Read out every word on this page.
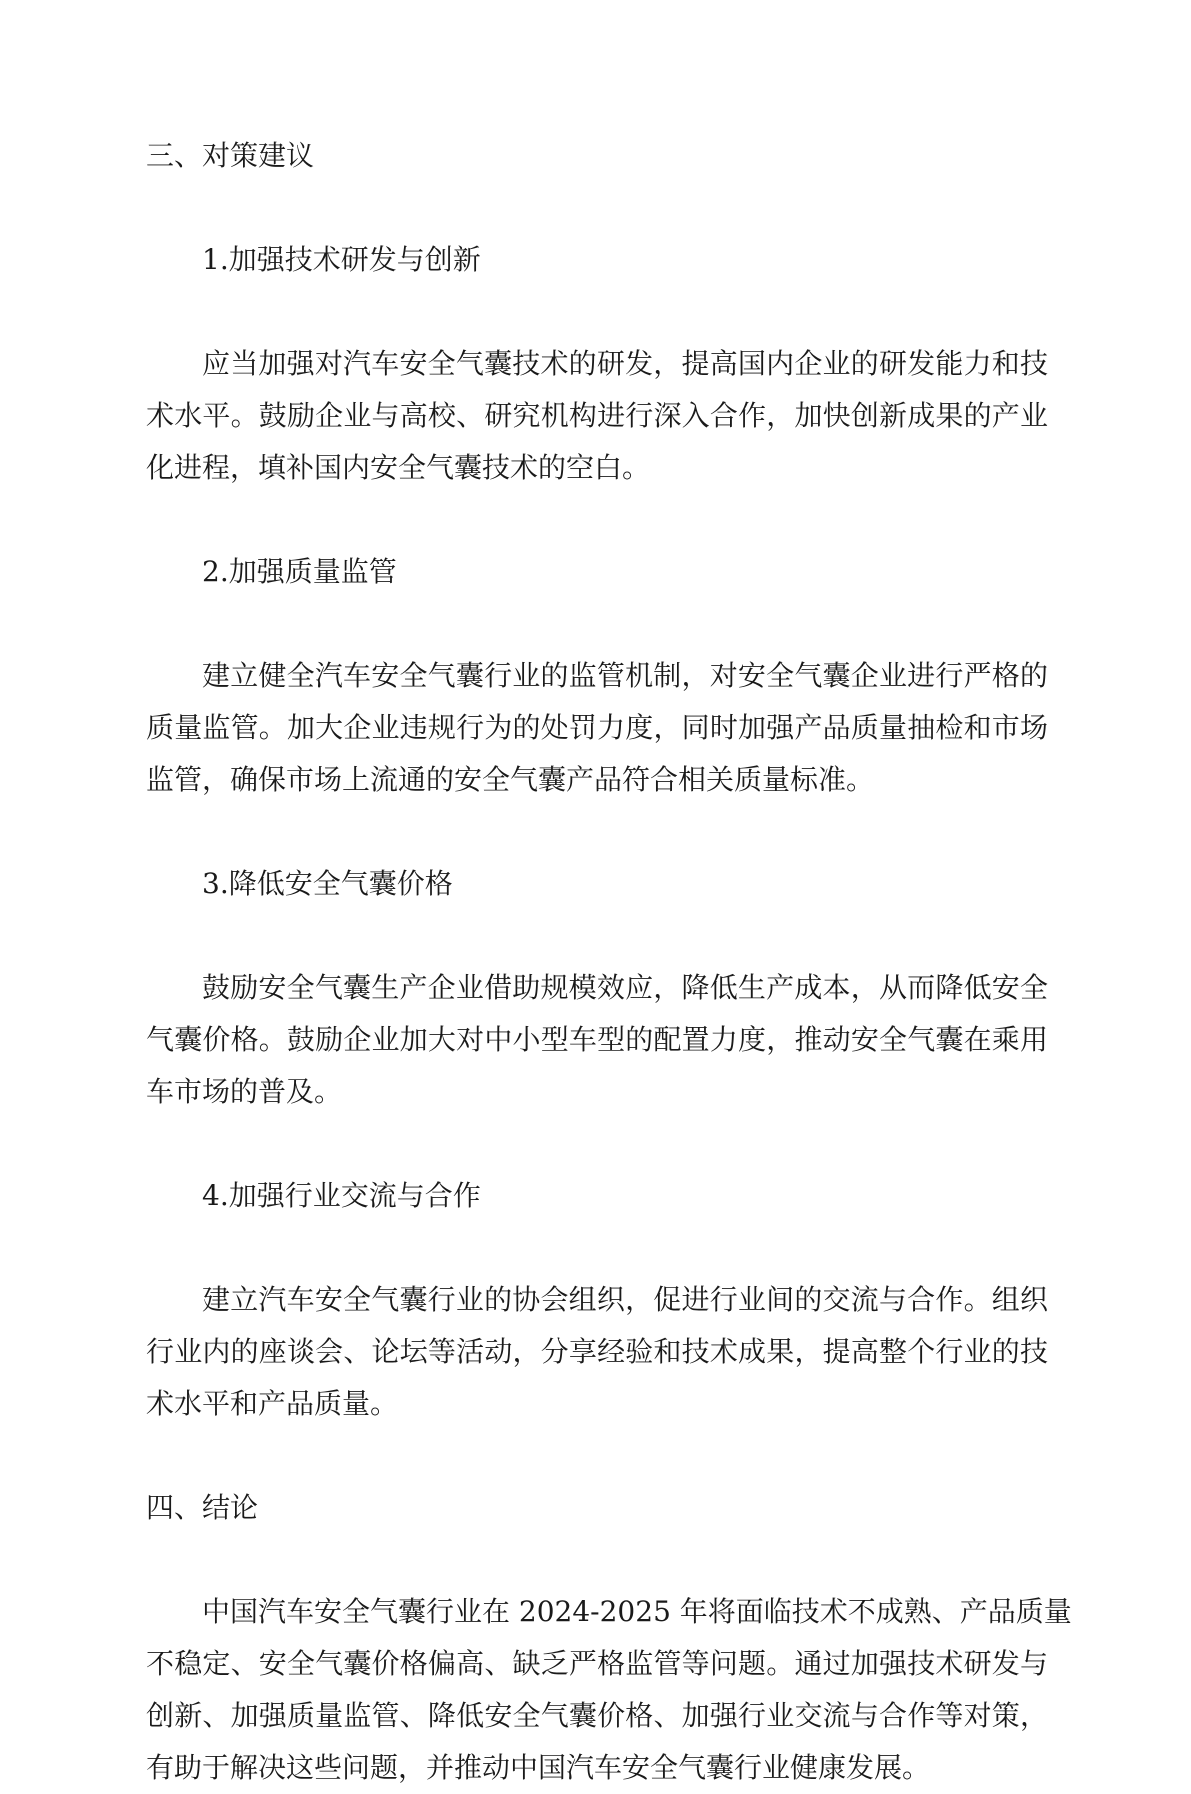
三、对策建议

1.加强技术研发与创新

应当加强对汽车安全气囊技术的研发，提高国内企业的研发能力和技

术水平。鼓励企业与高校、研究机构进行深入合作，加快创新成果的产业

化进程，填补国内安全气囊技术的空白。

2.加强质量监管

建立健全汽车安全气囊行业的监管机制，对安全气囊企业进行严格的

质量监管。加大企业违规行为的处罚力度，同时加强产品质量抽检和市场

监管，确保市场上流通的安全气囊产品符合相关质量标准。

3.降低安全气囊价格

鼓励安全气囊生产企业借助规模效应，降低生产成本，从而降低安全

气囊价格。鼓励企业加大对中小型车型的配置力度，推动安全气囊在乘用

车市场的普及。

4.加强行业交流与合作

建立汽车安全气囊行业的协会组织，促进行业间的交流与合作。组织

行业内的座谈会、论坛等活动，分享经验和技术成果，提高整个行业的技

术水平和产品质量。

四、结论

中国汽车安全气囊行业在 2024-2025 年将面临技术不成熟、产品质量

不稳定、安全气囊价格偏高、缺乏严格监管等问题。通过加强技术研发与

创新、加强质量监管、降低安全气囊价格、加强行业交流与合作等对策，

有助于解决这些问题，并推动中国汽车安全气囊行业健康发展。
